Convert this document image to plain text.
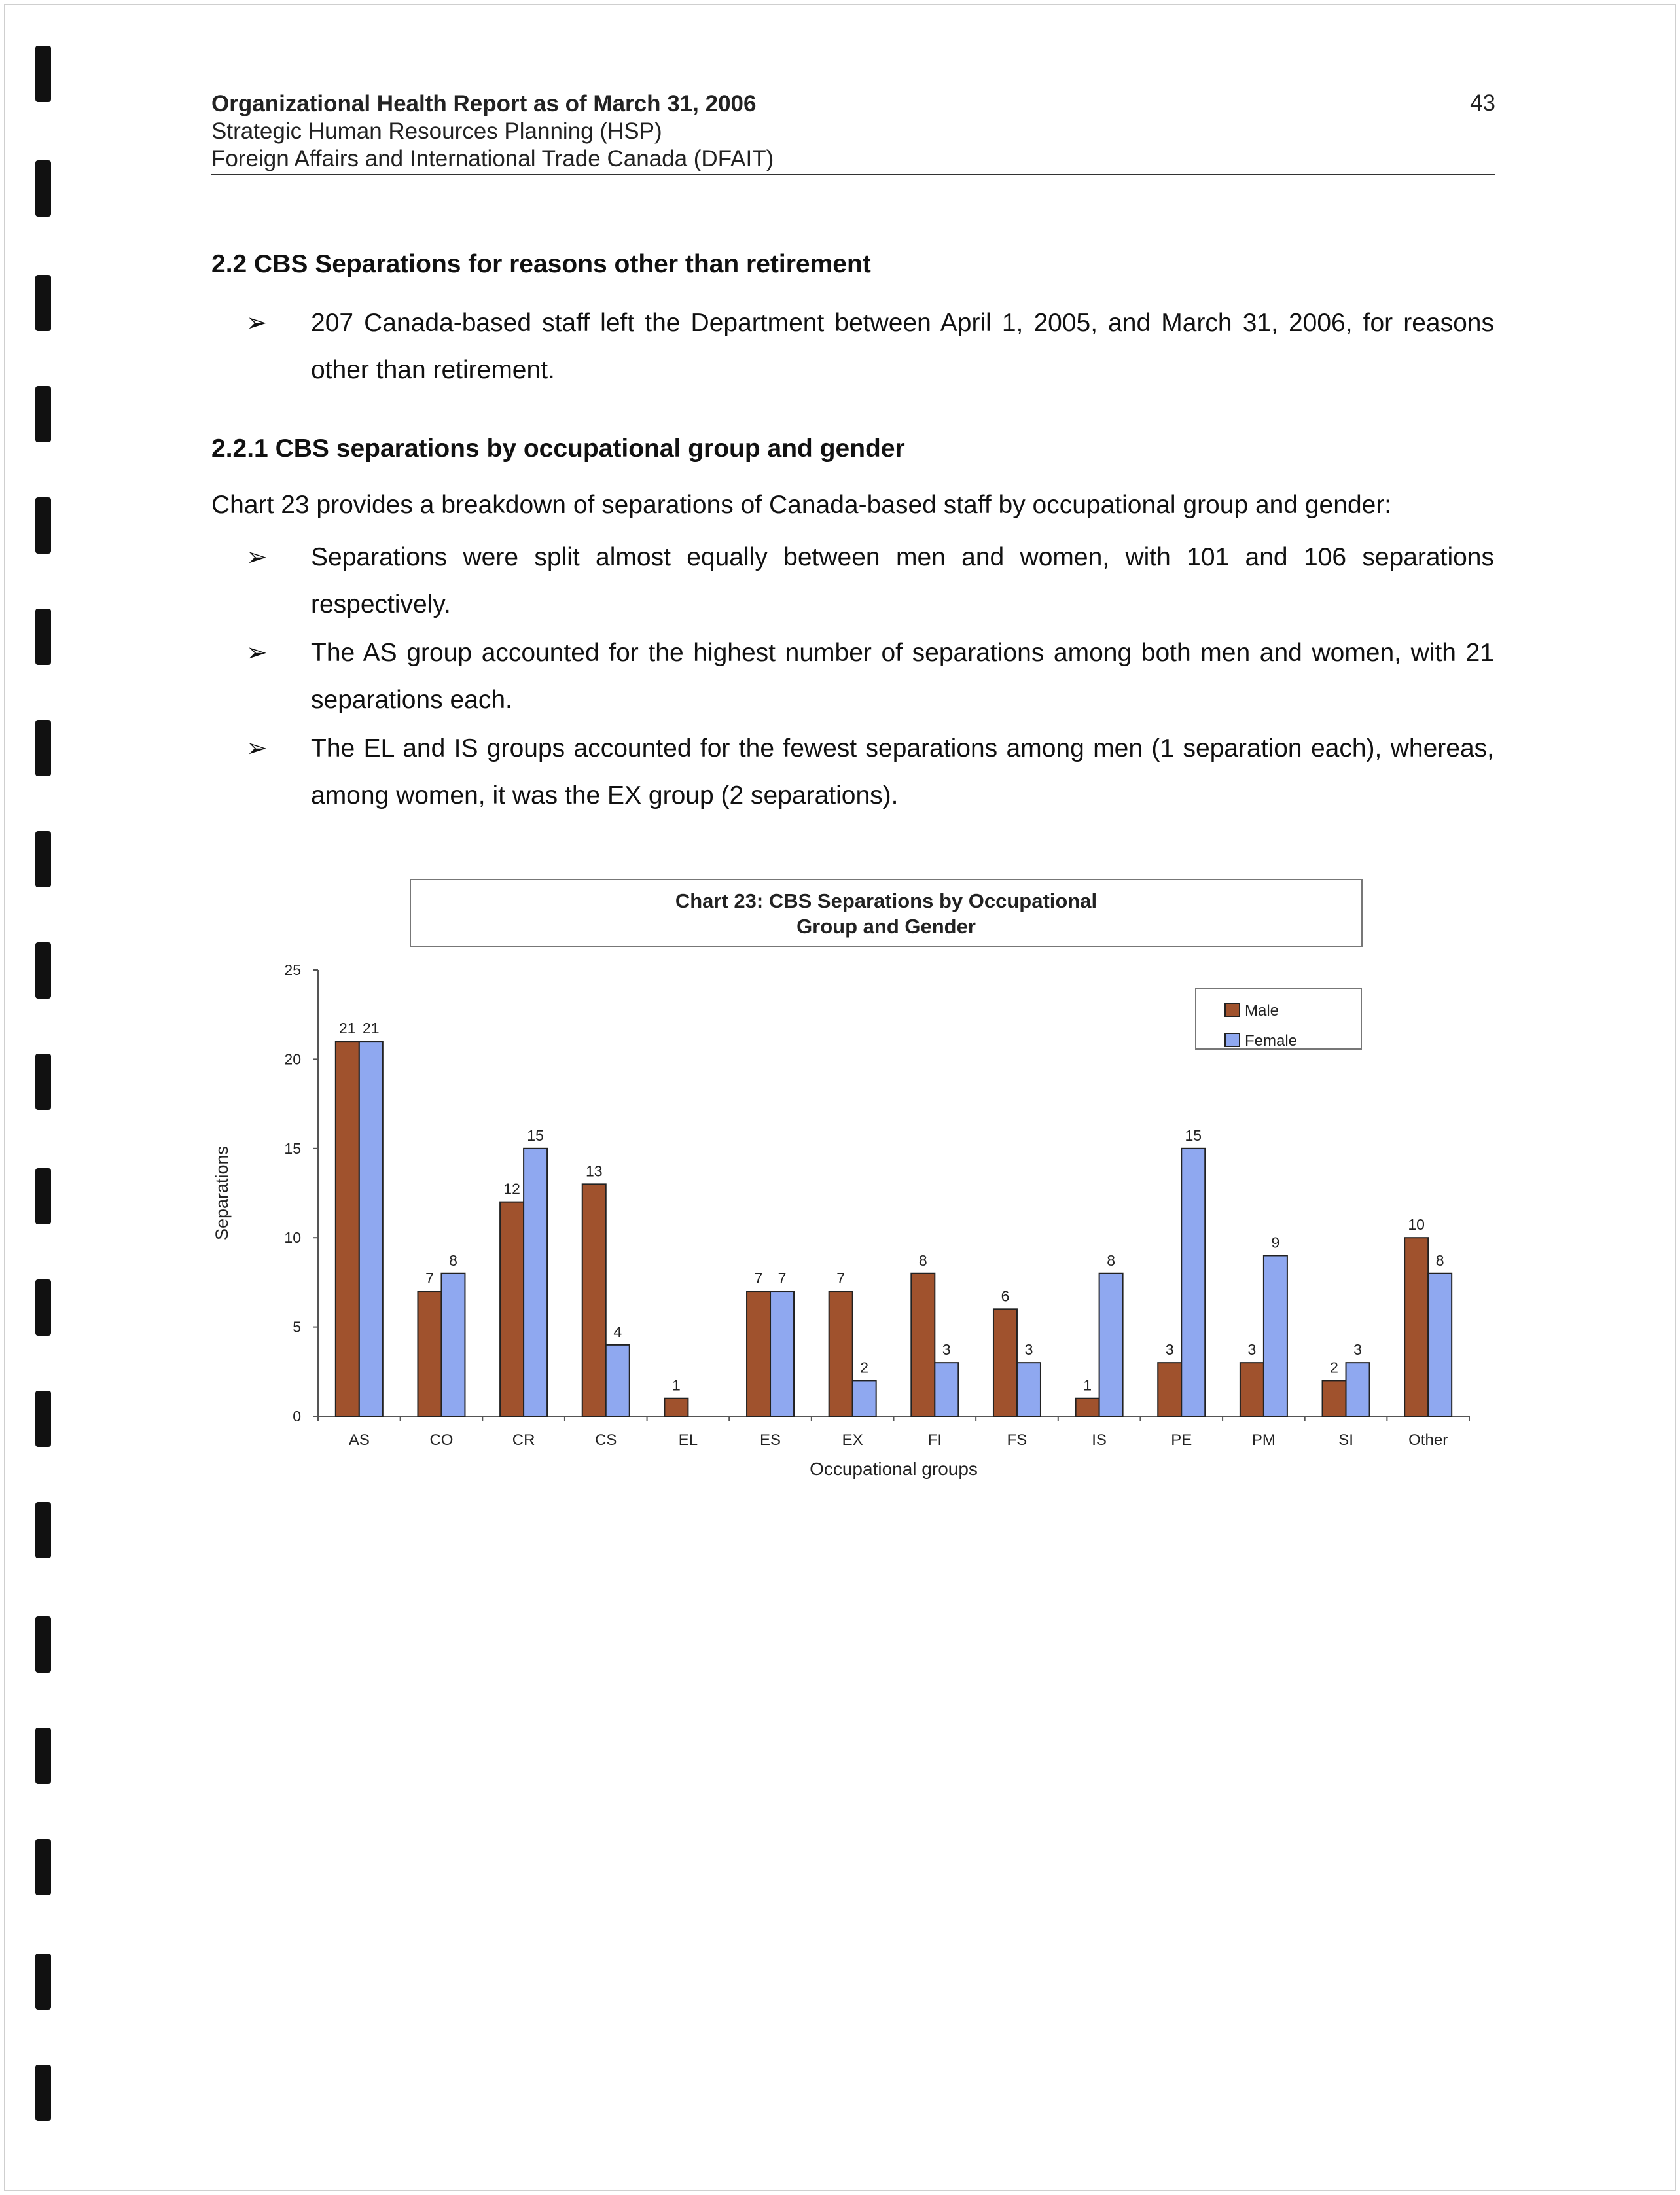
Organizational Health Report as of March 31, 2006
Strategic Human Resources Planning (HSP)
Foreign Affairs and International Trade Canada (DFAIT)
43
2.2 CBS Separations for reasons other than retirement
➢ 207 Canada-based staff left the Department between April 1, 2005, and March 31, 2006, for reasons other than retirement.
2.2.1 CBS separations by occupational group and gender
Chart 23 provides a breakdown of separations of Canada-based staff by occupational group and gender:
➢ Separations were split almost equally between men and women, with 101 and 106 separations respectively.
➢ The AS group accounted for the highest number of separations among both men and women, with 21 separations each.
➢ The EL and IS groups accounted for the fewest separations among men (1 separation each), whereas, among women, it was the EX group (2 separations).
Chart 23: CBS Separations by Occupational
Group and Gender
0
5
10
15
20
25
Separations
AS
21 21
CO
7
8
CR
12
15
CS
13
4
EL
1
ES
7 7
EX
7
2
FI
8
3
FS
6
3
IS
1
8
PE
3
15
PM
3
9
SI
2
3
Other
10
8
Occupational groups
Male
Female
